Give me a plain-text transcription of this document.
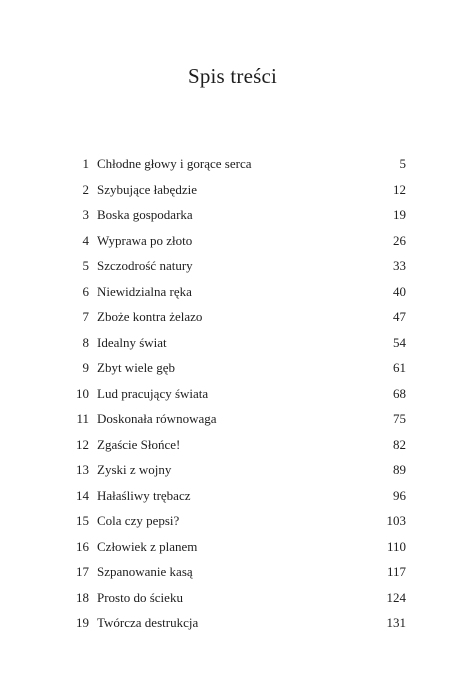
Spis treści
1 Chłodne głowy i gorące serca	5
2 Szybujące łabędzie	12
3 Boska gospodarka	19
4 Wyprawa po złoto	26
5 Szczodrość natury	33
6 Niewidzialna ręka	40
7 Zboże kontra żelazo	47
8 Idealny świat	54
9 Zbyt wiele gęb	61
10 Lud pracujący świata	68
11 Doskonała równowaga	75
12 Zgaście Słońce!	82
13 Zyski z wojny	89
14 Hałaśliwy trębacz	96
15 Cola czy pepsi?	103
16 Człowiek z planem	110
17 Szpanowanie kasą	117
18 Prosto do ścieku	124
19 Twórcza destrukcja	131
